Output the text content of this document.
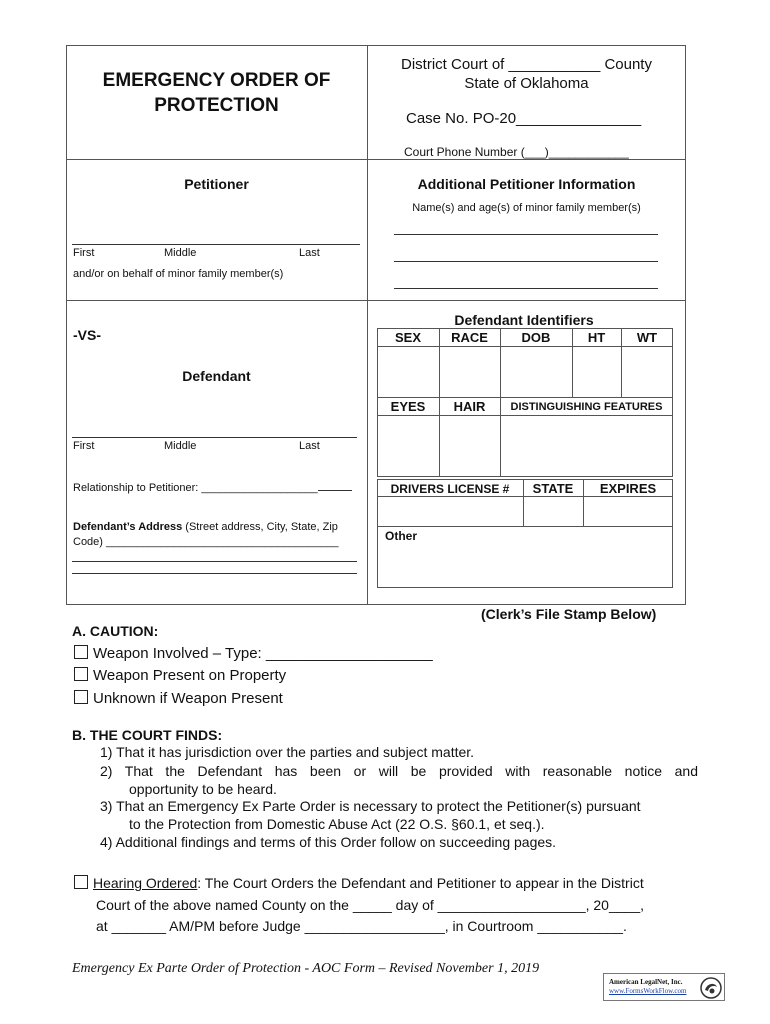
EMERGENCY ORDER OF
PROTECTION
District Court of ___________ County
State of Oklahoma
Case No. PO-20_______________
Court Phone Number (___)____________
Petitioner
First	Middle	Last
and/or on behalf of minor family member(s)
Additional Petitioner Information
Name(s) and age(s) of minor family member(s)
-VS-
Defendant
First	Middle	Last
Relationship to Petitioner: ___________________
Defendant’s Address (Street address, City, State, Zip
Code) ______________________________________
Defendant Identifiers
SEX	RACE	DOB	HT	WT
EYES	HAIR	DISTINGUISHING FEATURES
DRIVERS LICENSE #	STATE	EXPIRES
Other
(Clerk’s File Stamp Below)
A. CAUTION:
Weapon Involved – Type: ____________________
Weapon Present on Property
Unknown if Weapon Present
B. THE COURT FINDS:
1) That it has jurisdiction over the parties and subject matter.
2) That the Defendant has been or will be provided with reasonable notice and
opportunity to be heard.
3) That an Emergency Ex Parte Order is necessary to protect the Petitioner(s) pursuant
to the Protection from Domestic Abuse Act (22 O.S. §60.1, et seq.).
4) Additional findings and terms of this Order follow on succeeding pages.
Hearing Ordered: The Court Orders the Defendant and Petitioner to appear in the District
Court of the above named County on the _____ day of ___________________, 20____,
at _______ AM/PM before Judge __________________, in Courtroom ___________.
Emergency Ex Parte Order of Protection - AOC Form – Revised November 1, 2019
American LegalNet, Inc.
www.FormsWorkFlow.com
